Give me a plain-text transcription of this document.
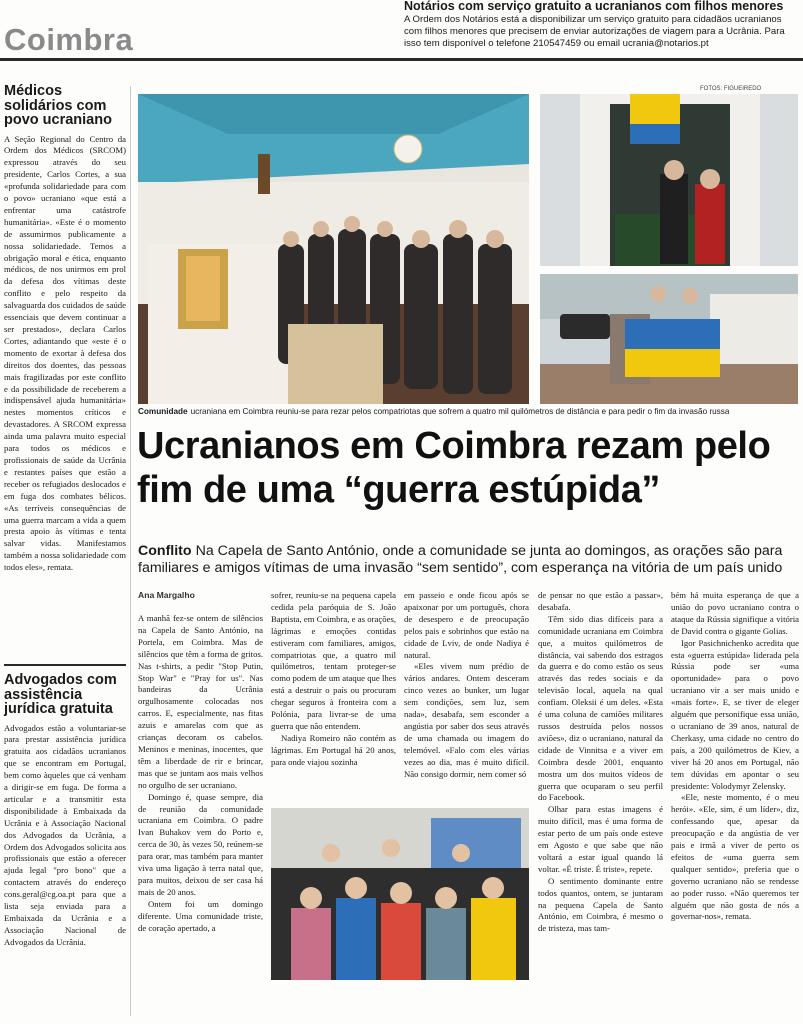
Coimbra
Notários com serviço gratuito a ucranianos com filhos menores

A Ordem dos Notários está a disponibilizar um serviço gratuito para cidadãos ucranianos com filhos menores que precisem de enviar autorizações de viagem para a Ucrânia. Para isso tem disponível o telefone 210547459 ou email ucrania@notarios.pt

Médicos solidários com povo ucraniano

A Seção Regional do Centro da Ordem dos Médicos (SRCOM) expressou através do seu presidente, Carlos Cortes, a sua «profunda solidariedade para com o povo» ucraniano «que está a enfrentar uma catástrofe humanitária». «Este é o momento de assumirmos publicamente a nossa solidariedade. Temos a obrigação moral e ética, enquanto médicos, de nos unirmos em prol da defesa dos vítimas deste conflito e pelo respeito da salvaguarda dos cuidados de saúde essenciais que devem continuar a ser prestados», declara Carlos Cortes, adiantando que «este é o momento de exortar à defesa dos direitos dos doentes, das pessoas mais fragilizadas por este conflito e da possibilidade de receberem a indispensável ajuda humanitária» nestes momentos críticos e devastadores. A SRCOM expressa ainda uma palavra muito especial para todos os médicos e profissionais de saúde da Ucrânia e restantes países que estão a receber os refugiados deslocados e em fuga dos combates bélicos. «As terríveis consequências de uma guerra marcam a vida a quem presta apoio às vítimas e tenta salvar vidas. Manifestamos também a nossa solidariedade com todos eles», remata.

Advogados com assistência jurídica gratuita

Advogados estão a voluntariar-se para prestar assistência jurídica gratuita aos cidadãos ucranianos que se encontram em Portugal, bem como àqueles que cá venham a dirigir-se em fuga. De forma a articular e a transmitir esta disponibilidade à Embaixada da Ucrânia e à Associação Nacional dos Advogados da Ucrânia, a Ordem dos Advogados solicita aos profissionais que estão a oferecer ajuda legal "pro bono" que a contactem através do endereço cons.geral@cg.oa.pt para que a lista seja enviada para a Embaixada da Ucrânia e a Associação Nacional de Advogados da Ucrânia.

FOTOS: FIGUEIREDO
Comunidade ucraniana em Coimbra reuniu-se para rezar pelos compatriotas que sofrem a quatro mil quilómetros de distância e para pedir o fim da invasão russa
Ucranianos em Coimbra rezam pelo fim de uma “guerra estúpida”
Conflito Na Capela de Santo António, onde a comunidade se junta ao domingos, as orações são para familiares e amigos vítimas de uma invasão “sem sentido”, com esperança na vitória de um país unido
Ana Margalho

A manhã fez-se ontem de silêncios na Capela de Santo António, na Portela, em Coimbra. Mas de silêncios que têm a forma de gritos. Nas t-shirts, a pedir "Stop Putin, Stop War" e "Pray for us". Nas bandeiras da Ucrânia orgulhosamente colocadas nos carros. E, especialmente, nas fitas azuis e amarelas com que as crianças decoram os cabelos. Meninos e meninas, inocentes, que têm a liberdade de rir e brincar, mas que se juntam aos mais velhos no orgulho de ser ucraniano.

Domingo é, quase sempre, dia de reunião da comunidade ucraniana em Coimbra. O padre Ivan Buhakov vem do Porto e, cerca de 30, às vezes 50, reúnem-se para orar, mas também para manter viva uma ligação à terra natal que, para muitos, deixou de ser casa há mais de 20 anos.

Ontem foi um domingo diferente. Uma comunidade triste, de coração apertado, a

sofrer, reuniu-se na pequena capela cedida pela paróquia de S. João Baptista, em Coimbra, e as orações, lágrimas e emoções contidas estiveram com familiares, amigos, compatriotas que, a quatro mil quilómetros, tentam proteger-se como podem de um ataque que lhes está a destruir o país ou procuram chegar seguros à fronteira com a Polónia, para livrar-se de uma guerra que não entendem.

Nadiya Romeiro não contém as lágrimas. Em Portugal há 20 anos, para onde viajou sozinha

em passeio e onde ficou após se apaixonar por um português, chora de desespero e de preocupação pelos pais e sobrinhos que estão na cidade de Lviv, de onde Nadiya é natural.

«Eles vivem num prédio de vários andares. Ontem desceram cinco vezes ao bunker, um lugar sem condições, sem luz, sem nada», desabafa, sem esconder a angústia por saber dos seus através de uma chamada ou imagem do telemóvel. «Falo com eles várias vezes ao dia, mas é muito difícil. Não consigo dormir, nem comer só

de pensar no que estão a passar», desabafa.

Têm sido dias difíceis para a comunidade ucraniana em Coimbra que, a muitos quilómetros de distância, vai sabendo dos estragos da guerra e do como estão os seus através das redes sociais e da televisão local, aquela na qual confiam. Oleksii é um deles. «Esta é uma coluna de camiões militares russos destruída pelos nossos aviões», diz o ucraniano, natural da cidade de Vinnitsa e a viver em Coimbra desde 2001, enquanto mostra um dos muitos vídeos de guerra que ocuparam o seu perfil do Facebook.

Olhar para estas imagens é muito difícil, mas é uma forma de estar perto de um país onde esteve em Agosto e que sabe que não voltará a estar igual quando lá voltar. «É triste. É triste», repete.

O sentimento dominante entre todos quantos, ontem, se juntaram na pequena Capela de Santo António, em Coimbra, é mesmo o de tristeza, mas tam-

bém há muita esperança de que a união do povo ucraniano contra o ataque da Rússia signifique a vitória de David contra o gigante Golias.

Igor Pasichnichenko acredita que esta «guerra estúpida» liderada pela Rússia pode ser «uma oportunidade» para o povo ucraniano vir a ser mais unido e «mais forte». E, se tiver de eleger alguém que personifique essa união, o ucraniano de 39 anos, natural de Cherkasy, uma cidade no centro do país, a 200 quilómetros de Kiev, a viver há 20 anos em Portugal, não tem dúvidas em apontar o seu presidente: Volodymyr Zelensky.

«Ele, neste momento, é o meu herói». «Ele, sim, é um líder», diz, confessando que, apesar da preocupação e da angústia de ver pais e irmã a viver de perto os efeitos de «uma guerra sem qualquer sentido», preferia que o governo ucraniano não se rendesse ao poder russo. «Não queremos ter alguém que não gosta de nós a governar-nos», remata.
